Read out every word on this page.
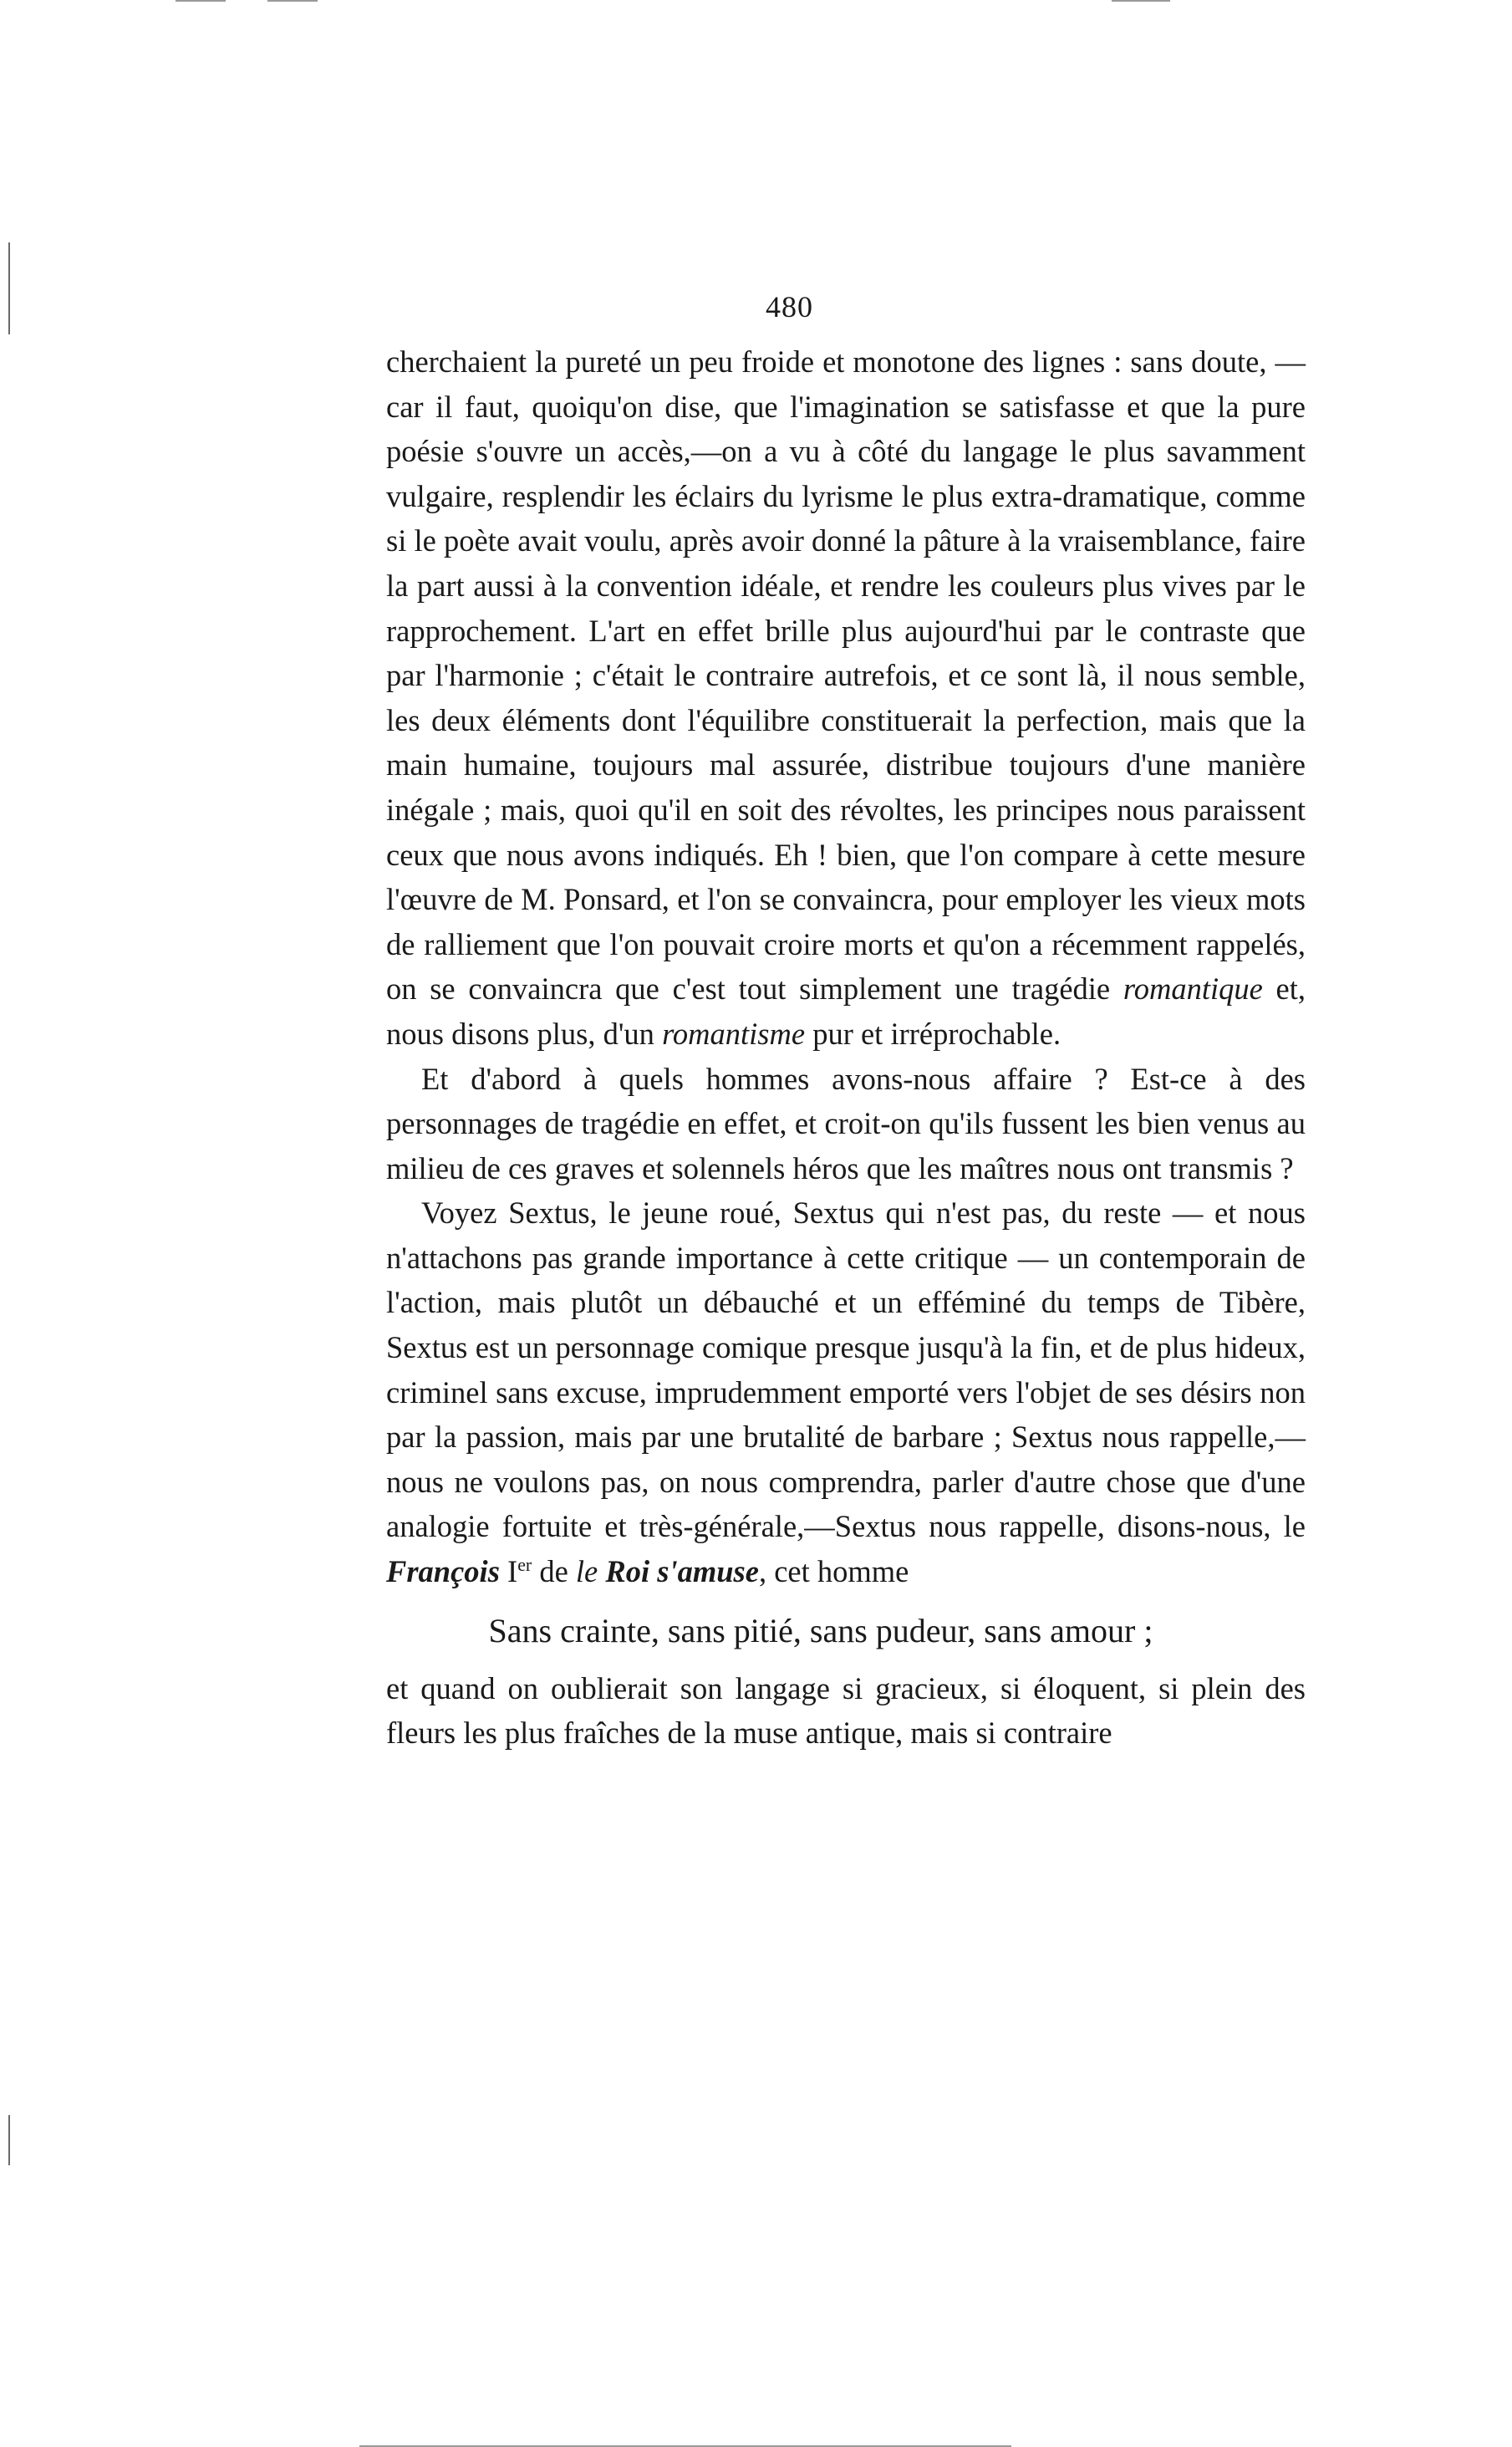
480

cherchaient la pureté un peu froide et monotone des lignes : sans doute, — car il faut, quoiqu'on dise, que l'imagination se satisfasse et que la pure poésie s'ouvre un accès,—on a vu à côté du langage le plus savamment vulgaire, resplendir les éclairs du lyrisme le plus extra-dramatique, comme si le poète avait voulu, après avoir donné la pâture à la vraisemblance, faire la part aussi à la convention idéale, et rendre les couleurs plus vives par le rapprochement. L'art en effet brille plus aujourd'hui par le contraste que par l'harmonie ; c'était le contraire autrefois, et ce sont là, il nous semble, les deux éléments dont l'équilibre constituerait la perfection, mais que la main humaine, toujours mal assurée, distribue toujours d'une manière inégale ; mais, quoi qu'il en soit des révoltes, les principes nous paraissent ceux que nous avons indiqués. Eh ! bien, que l'on compare à cette mesure l'œuvre de M. Ponsard, et l'on se convaincra, pour employer les vieux mots de ralliement que l'on pouvait croire morts et qu'on a récemment rappelés, on se convaincra que c'est tout simplement une tragédie romantique et, nous disons plus, d'un romantisme pur et irréprochable.

Et d'abord à quels hommes avons-nous affaire ? Est-ce à des personnages de tragédie en effet, et croit-on qu'ils fussent les bien venus au milieu de ces graves et solennels héros que les maîtres nous ont transmis ?

Voyez Sextus, le jeune roué, Sextus qui n'est pas, du reste — et nous n'attachons pas grande importance à cette critique — un contemporain de l'action, mais plutôt un débauché et un efféminé du temps de Tibère, Sextus est un personnage comique presque jusqu'à la fin, et de plus hideux, criminel sans excuse, imprudemment emporté vers l'objet de ses désirs non par la passion, mais par une brutalité de barbare ; Sextus nous rappelle,—nous ne voulons pas, on nous comprendra, parler d'autre chose que d'une analogie fortuite et très-générale,—Sextus nous rappelle, disons-nous, le François Ier de le Roi s'amuse, cet homme

Sans crainte, sans pitié, sans pudeur, sans amour ;

et quand on oublierait son langage si gracieux, si éloquent, si plein des fleurs les plus fraîches de la muse antique, mais si contraire
